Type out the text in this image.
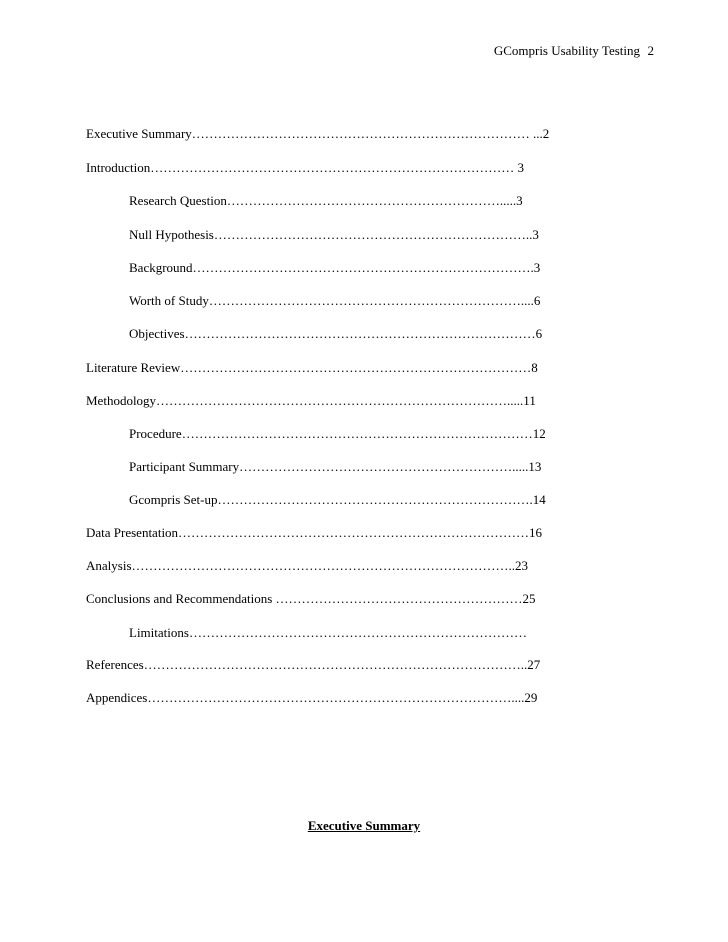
GCompris Usability Testing 2
Executive Summary…………………………………………………………………… ...2
Introduction………………………………………………………………………… 3
Research Question……………………………………………………….....3
Null Hypothesis………………………………………………………………..3
Background…………………………………………………………………….3
Worth of Study………………………………………………………………....6
Objectives………………………………………………………………………6
Literature Review………………………………………………………………………8
Methodology……………………………………………………………………….....11
Procedure………………………………………………………………………12
Participant Summary……………………………………………………….....13
Gcompris Set-up……………………………………………………………….14
Data Presentation………………………………………………………………………16
Analysis……………………………………………………………………………..23
Conclusions and Recommendations …………………………………………………25
Limitations……………………………………………………………………
References……………………………………………………………………………..27
Appendices…………………………………………………………………………....29
Executive Summary
